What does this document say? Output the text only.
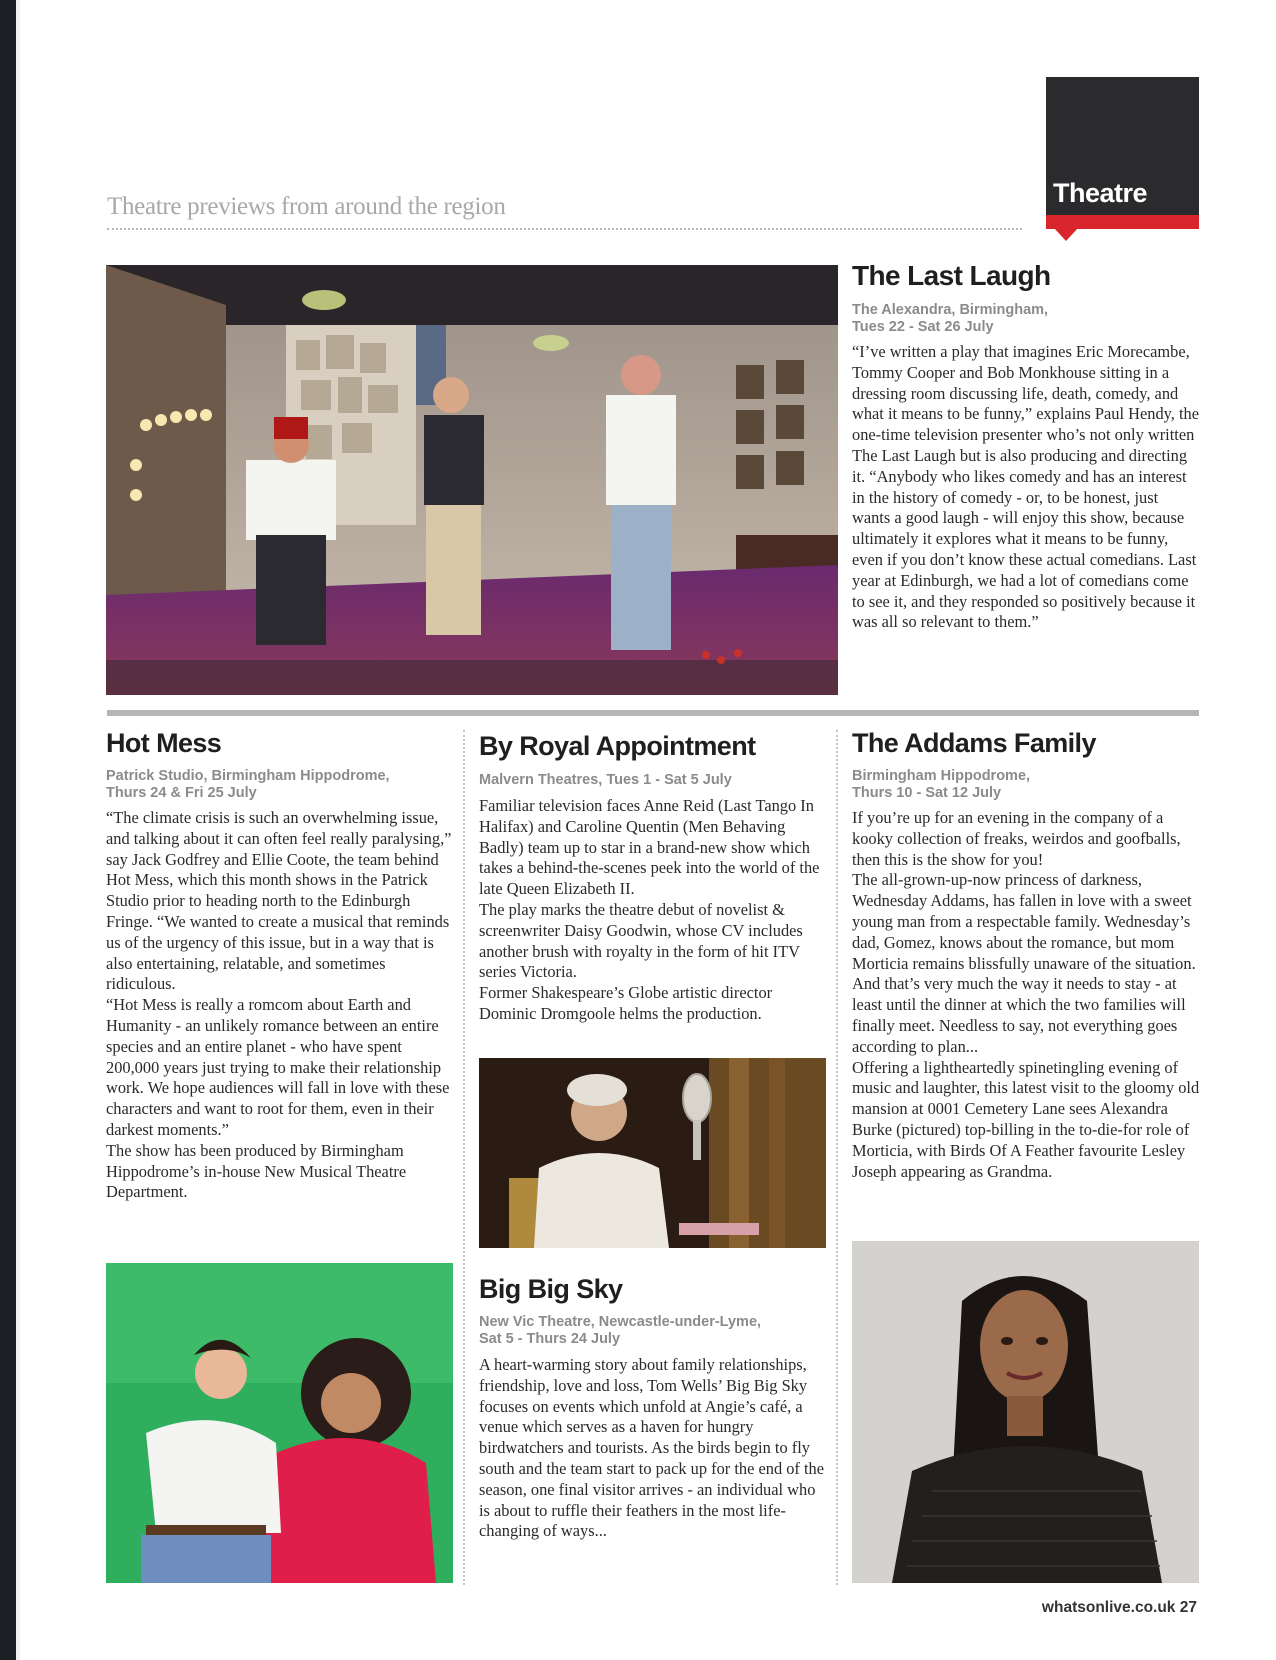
Theatre previews from around the region	Theatre
The Last Laugh
The Alexandra, Birmingham,
Tues 22 - Sat 26 July

“I’ve written a play that imagines Eric Morecambe, Tommy Cooper and Bob Monkhouse sitting in a dressing room discussing life, death, comedy, and what it means to be funny,” explains Paul Hendy, the one-time television presenter who’s not only written The Last Laugh but is also producing and directing it. “Anybody who likes comedy and has an interest in the history of comedy - or, to be honest, just wants a good laugh - will enjoy this show, because ultimately it explores what it means to be funny, even if you don’t know these actual comedians. Last year at Edinburgh, we had a lot of comedians come to see it, and they responded so positively because it was all so relevant to them.”

Hot Mess
Patrick Studio, Birmingham Hippodrome,
Thurs 24 & Fri 25 July

“The climate crisis is such an overwhelming issue, and talking about it can often feel really paralysing,” say Jack Godfrey and Ellie Coote, the team behind Hot Mess, which this month shows in the Patrick Studio prior to heading north to the Edinburgh Fringe. “We wanted to create a musical that reminds us of the urgency of this issue, but in a way that is also entertaining, relatable, and sometimes ridiculous.

“Hot Mess is really a romcom about Earth and Humanity - an unlikely romance between an entire species and an entire planet - who have spent 200,000 years just trying to make their relationship work. We hope audiences will fall in love with these characters and want to root for them, even in their darkest moments.”

The show has been produced by Birmingham Hippodrome’s in-house New Musical Theatre Department.

By Royal Appointment
Malvern Theatres, Tues 1 - Sat 5 July

Familiar television faces Anne Reid (Last Tango In Halifax) and Caroline Quentin (Men Behaving Badly) team up to star in a brand-new show which takes a behind-the-scenes peek into the world of the late Queen Elizabeth II.

The play marks the theatre debut of novelist & screenwriter Daisy Goodwin, whose CV includes another brush with royalty in the form of hit ITV series Victoria.

Former Shakespeare’s Globe artistic director Dominic Dromgoole helms the production.

Big Big Sky
New Vic Theatre, Newcastle-under-Lyme,
Sat 5 - Thurs 24 July

A heart-warming story about family relationships, friendship, love and loss, Tom Wells’ Big Big Sky focuses on events which unfold at Angie’s café, a venue which serves as a haven for hungry birdwatchers and tourists. As the birds begin to fly south and the team start to pack up for the end of the season, one final visitor arrives - an individual who is about to ruffle their feathers in the most life-changing of ways...

The Addams Family
Birmingham Hippodrome,
Thurs 10 - Sat 12 July

If you’re up for an evening in the company of a kooky collection of freaks, weirdos and goofballs, then this is the show for you!

The all-grown-up-now princess of darkness, Wednesday Addams, has fallen in love with a sweet young man from a respectable family. Wednesday’s dad, Gomez, knows about the romance, but mom Morticia remains blissfully unaware of the situation. And that’s very much the way it needs to stay - at least until the dinner at which the two families will finally meet. Needless to say, not everything goes according to plan...

Offering a lightheartedly spinetingling evening of music and laughter, this latest visit to the gloomy old mansion at 0001 Cemetery Lane sees Alexandra Burke (pictured) top-billing in the to-die-for role of Morticia, with Birds Of A Feather favourite Lesley Joseph appearing as Grandma.

whatsonlive.co.uk 27
